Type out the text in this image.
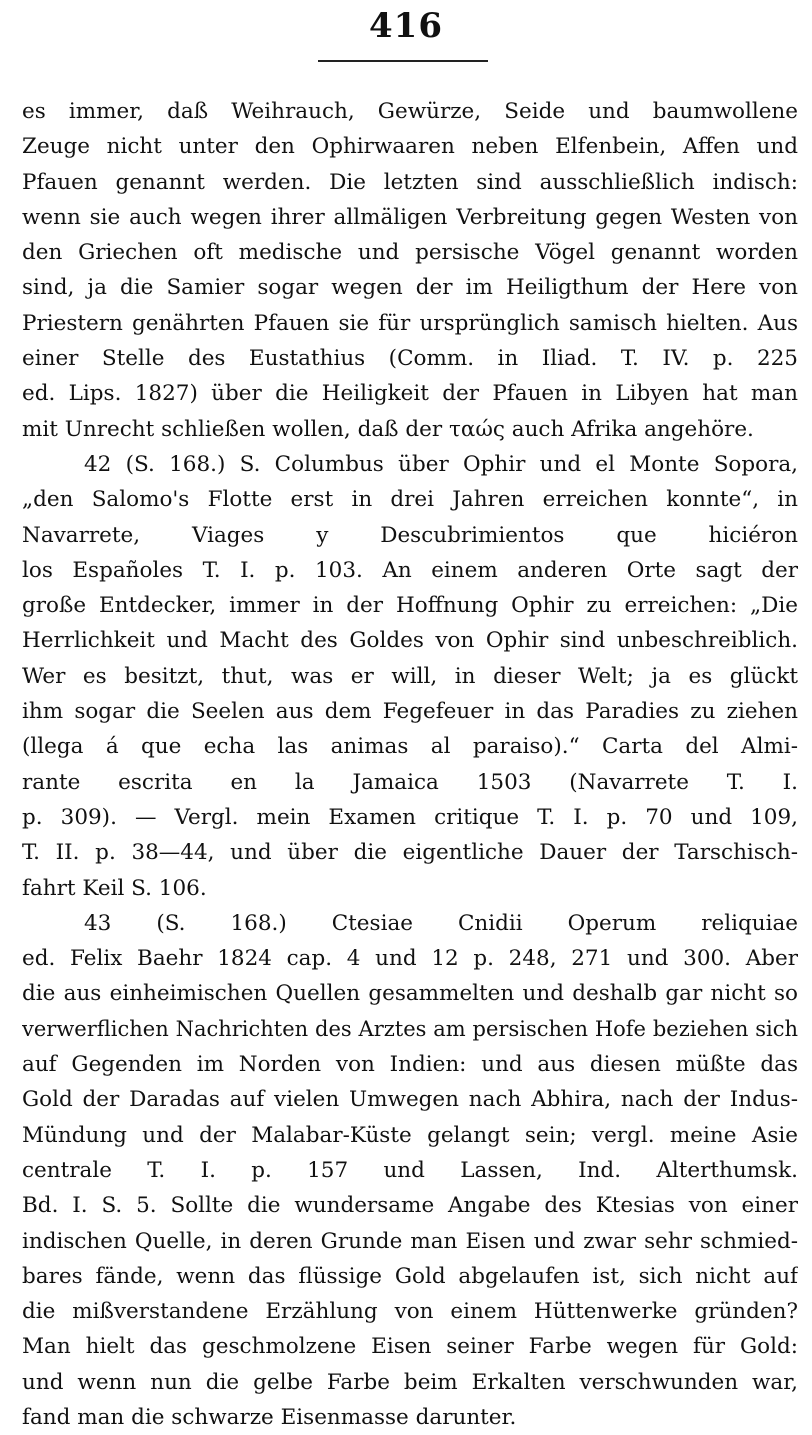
416
es immer, daß Weihrauch, Gewürze, Seide und baumwollene
Zeuge nicht unter den Ophirwaaren neben Elfenbein, Affen und
Pfauen genannt werden. Die letzten sind ausschließlich indisch:
wenn sie auch wegen ihrer allmäligen Verbreitung gegen Westen von
den Griechen oft medische und persische Vögel genannt worden
sind, ja die Samier sogar wegen der im Heiligthum der Here von
Priestern genährten Pfauen sie für ursprünglich samisch hielten. Aus
einer Stelle des Eustathius (Comm. in Iliad. T. IV. p. 225
ed. Lips. 1827) über die Heiligkeit der Pfauen in Libyen hat man
mit Unrecht schließen wollen, daß der ταώς auch Afrika angehöre.
42 (S. 168.) S. Columbus über Ophir und el Monte Sopora,
„den Salomo's Flotte erst in drei Jahren erreichen konnte“, in
Navarrete, Viages y Descubrimientos que hiciéron
los Españoles T. I. p. 103. An einem anderen Orte sagt der
große Entdecker, immer in der Hoffnung Ophir zu erreichen: „Die
Herrlichkeit und Macht des Goldes von Ophir sind unbeschreiblich.
Wer es besitzt, thut, was er will, in dieser Welt; ja es glückt
ihm sogar die Seelen aus dem Fegefeuer in das Paradies zu ziehen
(llega á que echa las animas al paraiso).“ Carta del Almi-
rante escrita en la Jamaica 1503 (Navarrete T. I.
p. 309). — Vergl. mein Examen critique T. I. p. 70 und 109,
T. II. p. 38—44, und über die eigentliche Dauer der Tarschisch-
fahrt Keil S. 106.
43 (S. 168.) Ctesiae Cnidii Operum reliquiae
ed. Felix Baehr 1824 cap. 4 und 12 p. 248, 271 und 300. Aber
die aus einheimischen Quellen gesammelten und deshalb gar nicht so
verwerflichen Nachrichten des Arztes am persischen Hofe beziehen sich
auf Gegenden im Norden von Indien: und aus diesen müßte das
Gold der Daradas auf vielen Umwegen nach Abhira, nach der Indus-
Mündung und der Malabar-Küste gelangt sein; vergl. meine Asie
centrale T. I. p. 157 und Lassen, Ind. Alterthumsk.
Bd. I. S. 5. Sollte die wundersame Angabe des Ktesias von einer
indischen Quelle, in deren Grunde man Eisen und zwar sehr schmied-
bares fände, wenn das flüssige Gold abgelaufen ist, sich nicht auf
die mißverstandene Erzählung von einem Hüttenwerke gründen?
Man hielt das geschmolzene Eisen seiner Farbe wegen für Gold:
und wenn nun die gelbe Farbe beim Erkalten verschwunden war,
fand man die schwarze Eisenmasse darunter.
